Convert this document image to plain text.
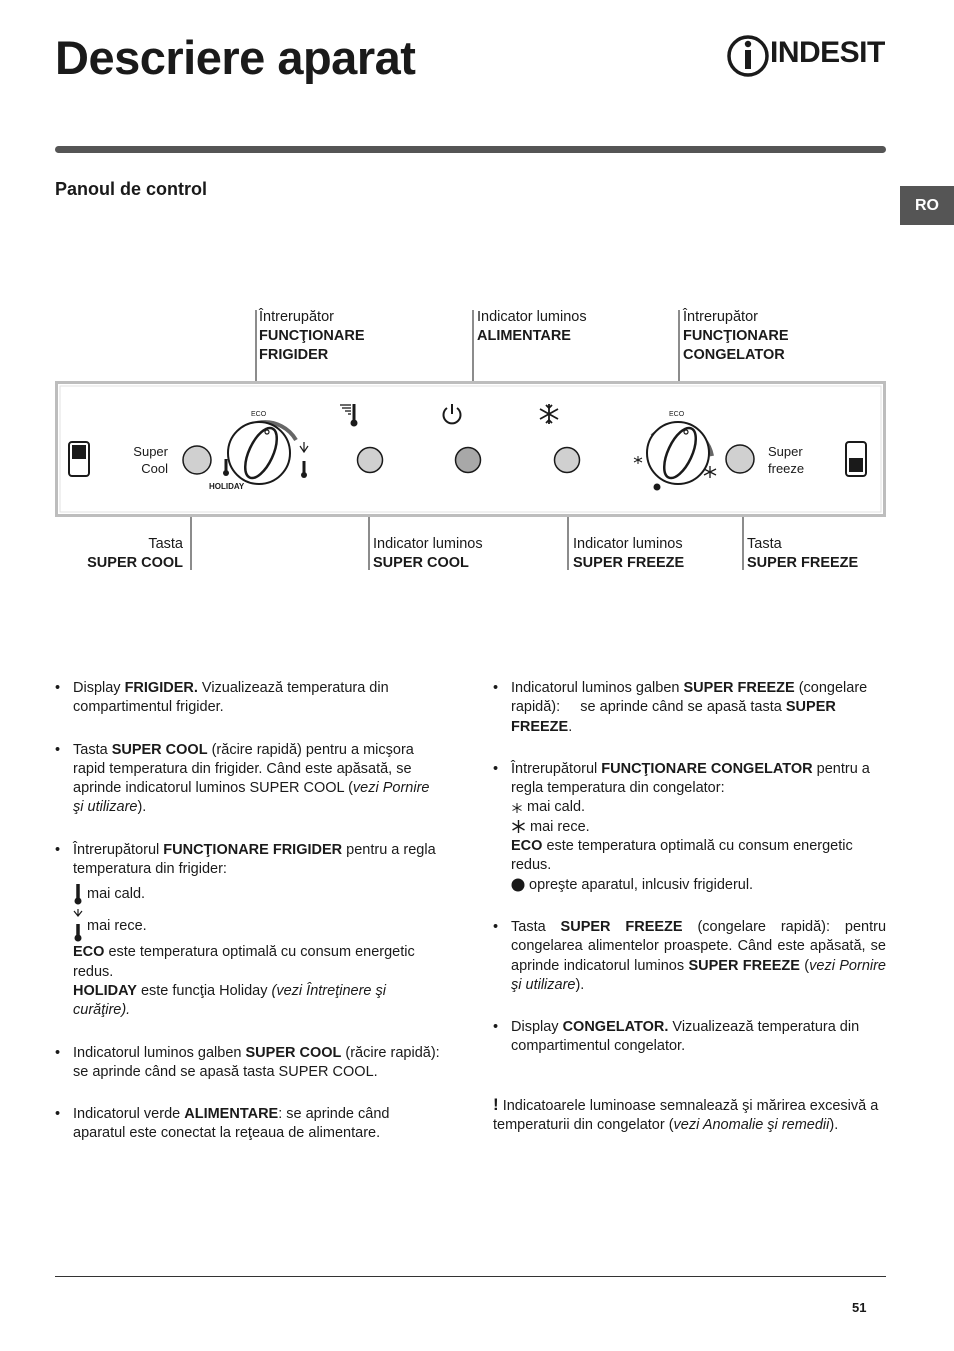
Descriere aparat	INDESIT
Panoul de control
RO
Întrerupător
FUNCŢIONARE
FRIGIDER
Indicator luminos
ALIMENTARE
Întrerupător
FUNCŢIONARE
CONGELATOR
Super
Cool
ECO
HOLIDAY
ECO
Super
freeze
Tasta
SUPER COOL
Indicator luminos
SUPER COOL
Indicator luminos
SUPER FREEZE
Tasta
SUPER FREEZE
• Display FRIGIDER. Vizualizează temperatura din compartimentul frigider.
• Tasta SUPER COOL (răcire rapidă) pentru a micşora rapid temperatura din frigider. Când este apăsată, se aprinde indicatorul luminos SUPER COOL (vezi Pornire şi utilizare).
• Întrerupătorul FUNCŢIONARE FRIGIDER pentru a regla temperatura din frigider:
mai cald.
mai rece.
ECO este temperatura optimală cu consum energetic redus.
HOLIDAY este funcţia Holiday (vezi Întreţinere şi curăţire).
• Indicatorul luminos galben SUPER COOL (răcire rapidă): se aprinde când se apasă tasta SUPER COOL.
• Indicatorul verde ALIMENTARE: se aprinde când aparatul este conectat la reţeaua de alimentare.
• Indicatorul luminos galben SUPER FREEZE (congelare rapidă):     se aprinde când se apasă tasta SUPER FREEZE.
• Întrerupătorul FUNCŢIONARE CONGELATOR pentru a regla temperatura din congelator:
mai cald.
mai rece.
ECO este temperatura optimală cu consum energetic redus.
opreşte aparatul, inlcusiv frigiderul.
• Tasta SUPER FREEZE (congelare rapidă): pentru congelarea alimentelor proaspete. Când este apăsată, se aprinde indicatorul luminos SUPER FREEZE (vezi Pornire şi utilizare).
• Display CONGELATOR. Vizualizează temperatura din compartimentul congelator.
! Indicatoarele luminoase semnalează şi mărirea excesivă a temperaturii din congelator (vezi Anomalie şi remedii).
51
